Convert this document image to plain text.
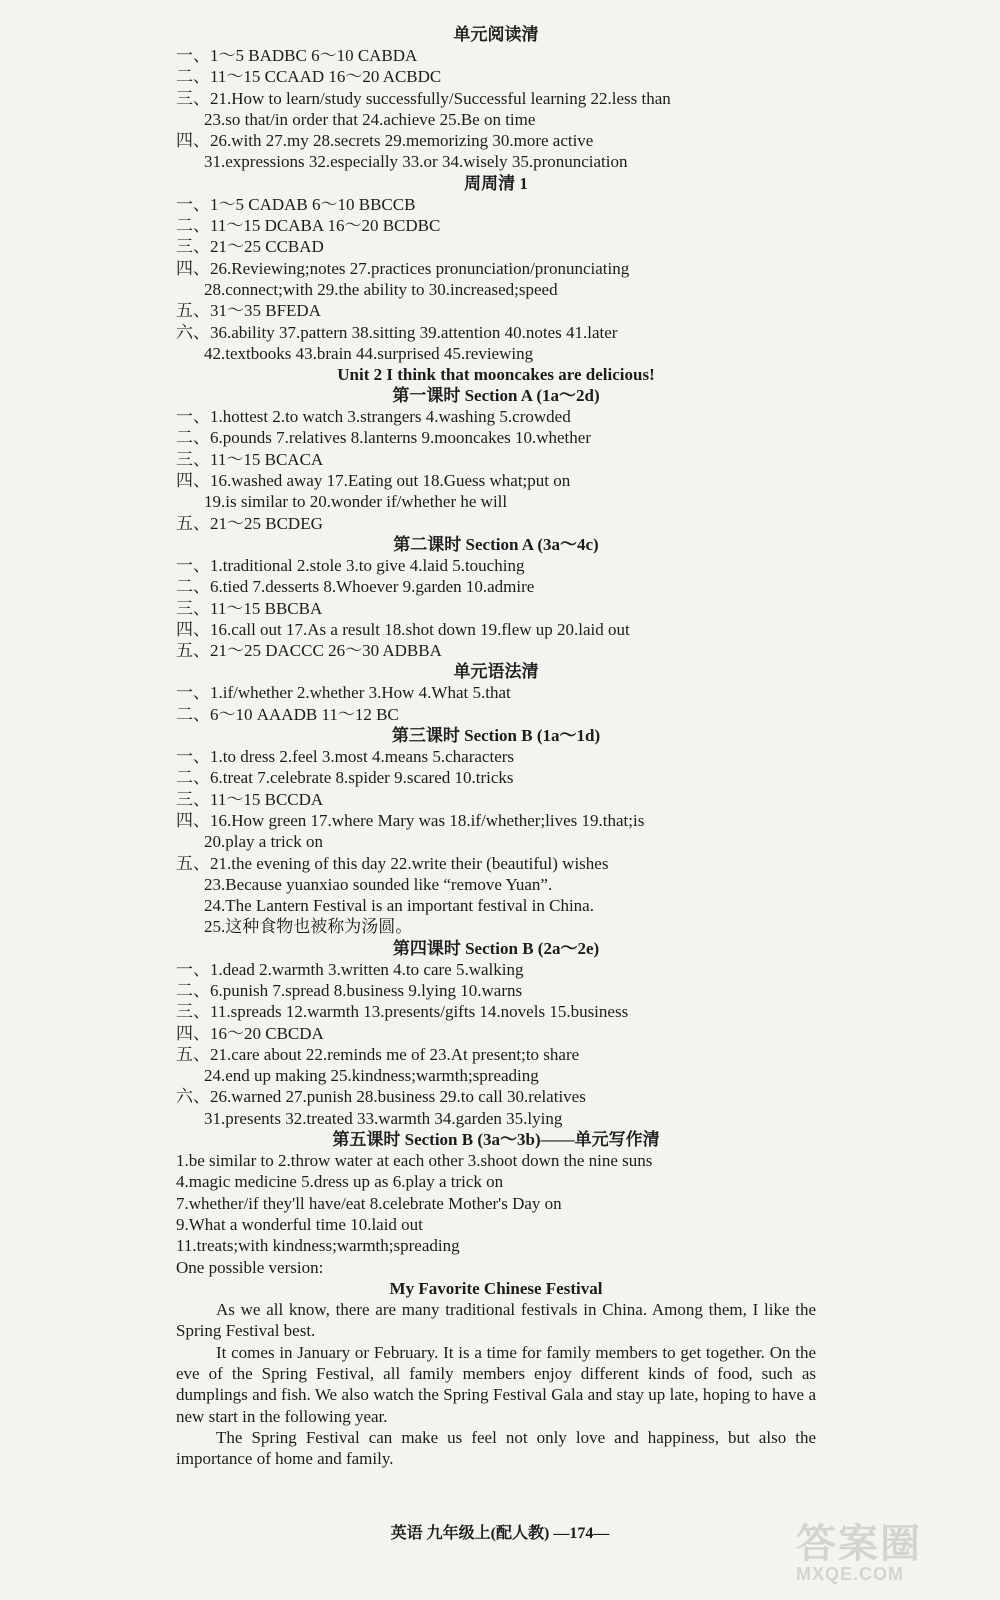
单元阅读清
一、1～5 BADBC 6～10 CABDA
二、11～15 CCAAD 16～20 ACBDC
三、21.How to learn/study successfully/Successful learning 22.less than
23.so that/in order that 24.achieve 25.Be on time
四、26.with 27.my 28.secrets 29.memorizing 30.more active
31.expressions 32.especially 33.or 34.wisely 35.pronunciation
周周清 1
一、1～5 CADAB 6～10 BBCCB
二、11～15 DCABA 16～20 BCDBC
三、21～25 CCBAD
四、26.Reviewing;notes 27.practices pronunciation/pronunciating
28.connect;with 29.the ability to 30.increased;speed
五、31～35 BFEDA
六、36.ability 37.pattern 38.sitting 39.attention 40.notes 41.later
42.textbooks 43.brain 44.surprised 45.reviewing
Unit 2 I think that mooncakes are delicious!
第一课时 Section A (1a～2d)
一、1.hottest 2.to watch 3.strangers 4.washing 5.crowded
二、6.pounds 7.relatives 8.lanterns 9.mooncakes 10.whether
三、11～15 BCACA
四、16.washed away 17.Eating out 18.Guess what;put on
19.is similar to 20.wonder if/whether he will
五、21～25 BCDEG
第二课时 Section A (3a～4c)
一、1.traditional 2.stole 3.to give 4.laid 5.touching
二、6.tied 7.desserts 8.Whoever 9.garden 10.admire
三、11～15 BBCBA
四、16.call out 17.As a result 18.shot down 19.flew up 20.laid out
五、21～25 DACCC 26～30 ADBBA
单元语法清
一、1.if/whether 2.whether 3.How 4.What 5.that
二、6～10 AAADB 11～12 BC
第三课时 Section B (1a～1d)
一、1.to dress 2.feel 3.most 4.means 5.characters
二、6.treat 7.celebrate 8.spider 9.scared 10.tricks
三、11～15 BCCDA
四、16.How green 17.where Mary was 18.if/whether;lives 19.that;is
20.play a trick on
五、21.the evening of this day 22.write their (beautiful) wishes
23.Because yuanxiao sounded like “remove Yuan”.
24.The Lantern Festival is an important festival in China.
25.这种食物也被称为汤圆。
第四课时 Section B (2a～2e)
一、1.dead 2.warmth 3.written 4.to care 5.walking
二、6.punish 7.spread 8.business 9.lying 10.warns
三、11.spreads 12.warmth 13.presents/gifts 14.novels 15.business
四、16～20 CBCDA
五、21.care about 22.reminds me of 23.At present;to share
24.end up making 25.kindness;warmth;spreading
六、26.warned 27.punish 28.business 29.to call 30.relatives
31.presents 32.treated 33.warmth 34.garden 35.lying
第五课时 Section B (3a～3b)——单元写作清
1.be similar to 2.throw water at each other 3.shoot down the nine suns
4.magic medicine 5.dress up as 6.play a trick on
7.whether/if they'll have/eat 8.celebrate Mother's Day on
9.What a wonderful time 10.laid out
11.treats;with kindness;warmth;spreading
One possible version:
My Favorite Chinese Festival

As we all know, there are many traditional festivals in China. Among them, I like the Spring Festival best.

It comes in January or February. It is a time for family members to get together. On the eve of the Spring Festival, all family members enjoy different kinds of food, such as dumplings and fish. We also watch the Spring Festival Gala and stay up late, hoping to have a new start in the following year.

The Spring Festival can make us feel not only love and happiness, but also the importance of home and family.

英语 九年级上(配人教) —174—	答案圈
MXQE.COM
